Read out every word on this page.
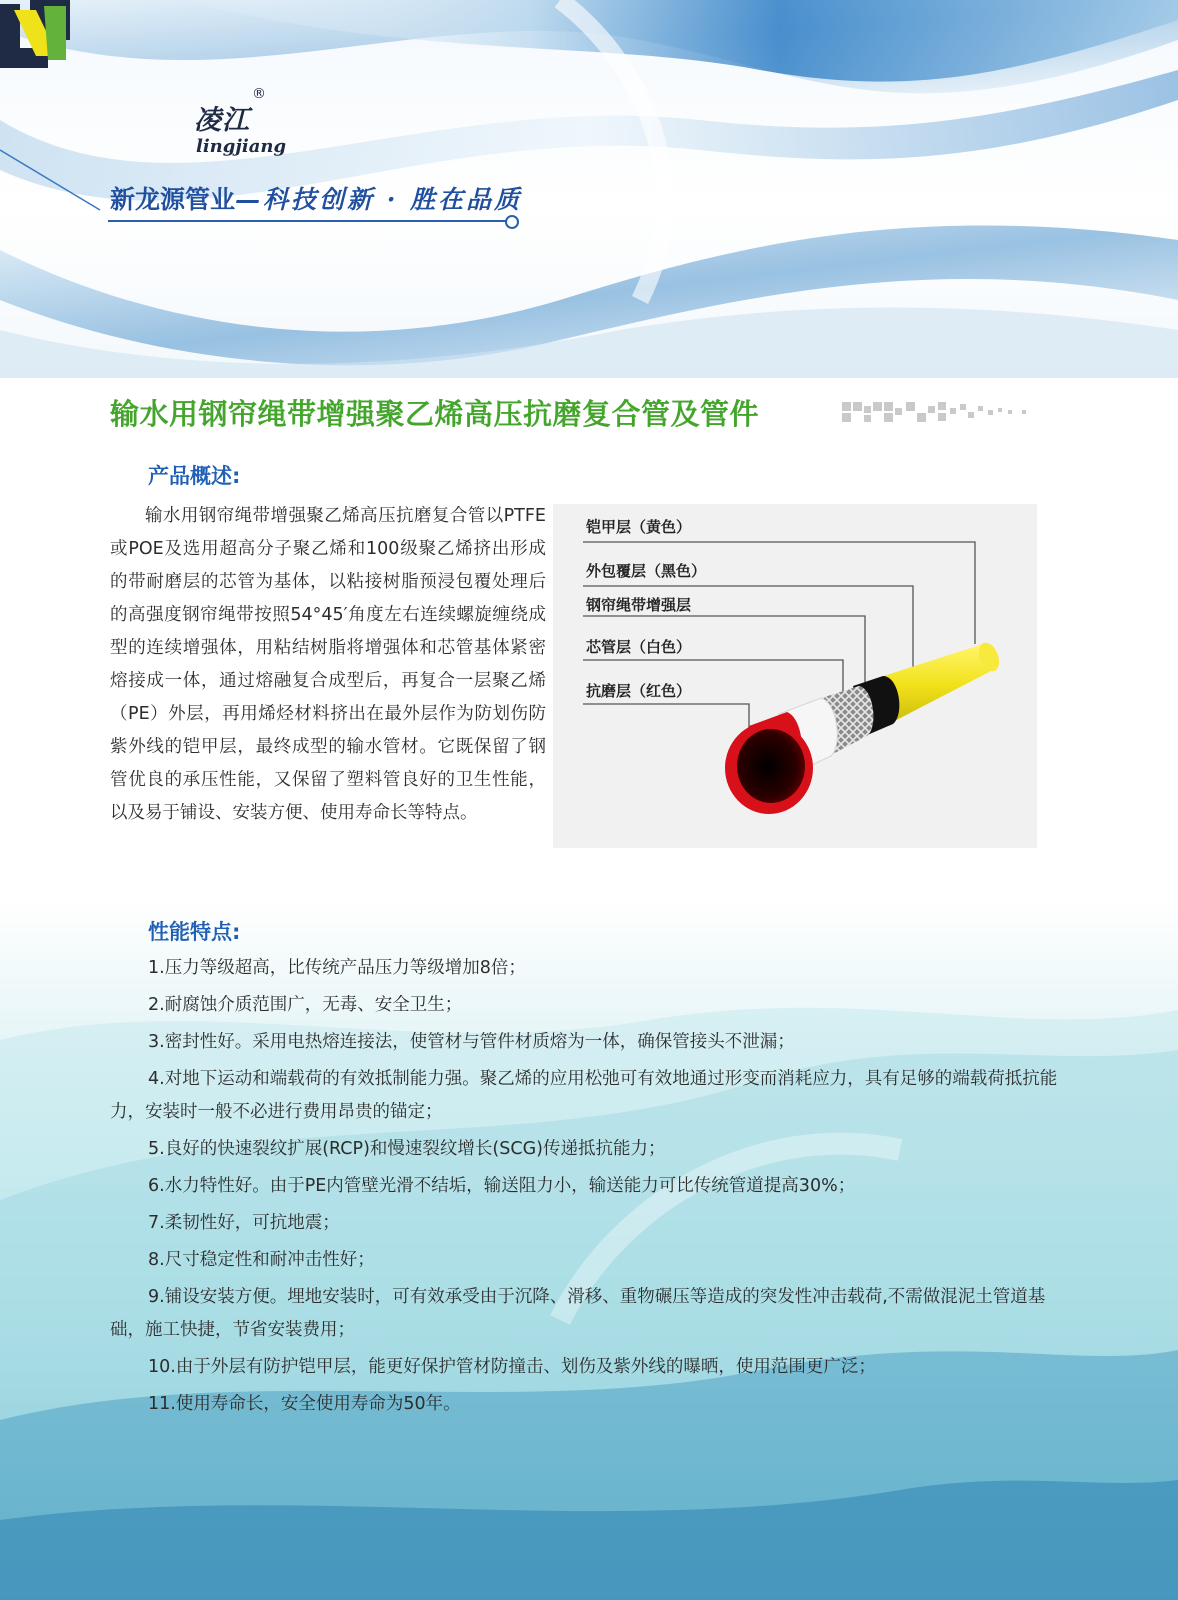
凌江
®
lingjiang
新龙源管业—科技创新 · 胜在品质
输水用钢帘绳带增强聚乙烯高压抗磨复合管及管件
产品概述:
输水用钢帘绳带增强聚乙烯高压抗磨复合管以PTFE或POE及选用超高分子聚乙烯和100级聚乙烯挤出形成的带耐磨层的芯管为基体，以粘接树脂预浸包覆处理后的高强度钢帘绳带按照54°45′角度左右连续螺旋缠绕成型的连续增强体，用粘结树脂将增强体和芯管基体紧密熔接成一体，通过熔融复合成型后，再复合一层聚乙烯（PE）外层，再用烯烃材料挤出在最外层作为防划伤防紫外线的铠甲层，最终成型的输水管材。它既保留了钢管优良的承压性能，又保留了塑料管良好的卫生性能，以及易于铺设、安装方便、使用寿命长等特点。
铠甲层（黄色）
外包覆层（黑色）
钢帘绳带增强层
芯管层（白色）
抗磨层（红色）
性能特点:
1.压力等级超高，比传统产品压力等级增加8倍；
2.耐腐蚀介质范围广，无毒、安全卫生；
3.密封性好。采用电热熔连接法，使管材与管件材质熔为一体，确保管接头不泄漏；
4.对地下运动和端载荷的有效抵制能力强。聚乙烯的应用松弛可有效地通过形变而消耗应力，具有足够的端载荷抵抗能力，安装时一般不必进行费用昂贵的锚定；
5.良好的快速裂纹扩展(RCP)和慢速裂纹增长(SCG)传递抵抗能力；
6.水力特性好。由于PE内管壁光滑不结垢，输送阻力小，输送能力可比传统管道提高30%；
7.柔韧性好，可抗地震；
8.尺寸稳定性和耐冲击性好；
9.铺设安装方便。埋地安装时，可有效承受由于沉降、滑移、重物碾压等造成的突发性冲击载荷,不需做混泥土管道基础，施工快捷，节省安装费用；
10.由于外层有防护铠甲层，能更好保护管材防撞击、划伤及紫外线的曝晒，使用范围更广泛；
11.使用寿命长，安全使用寿命为50年。
